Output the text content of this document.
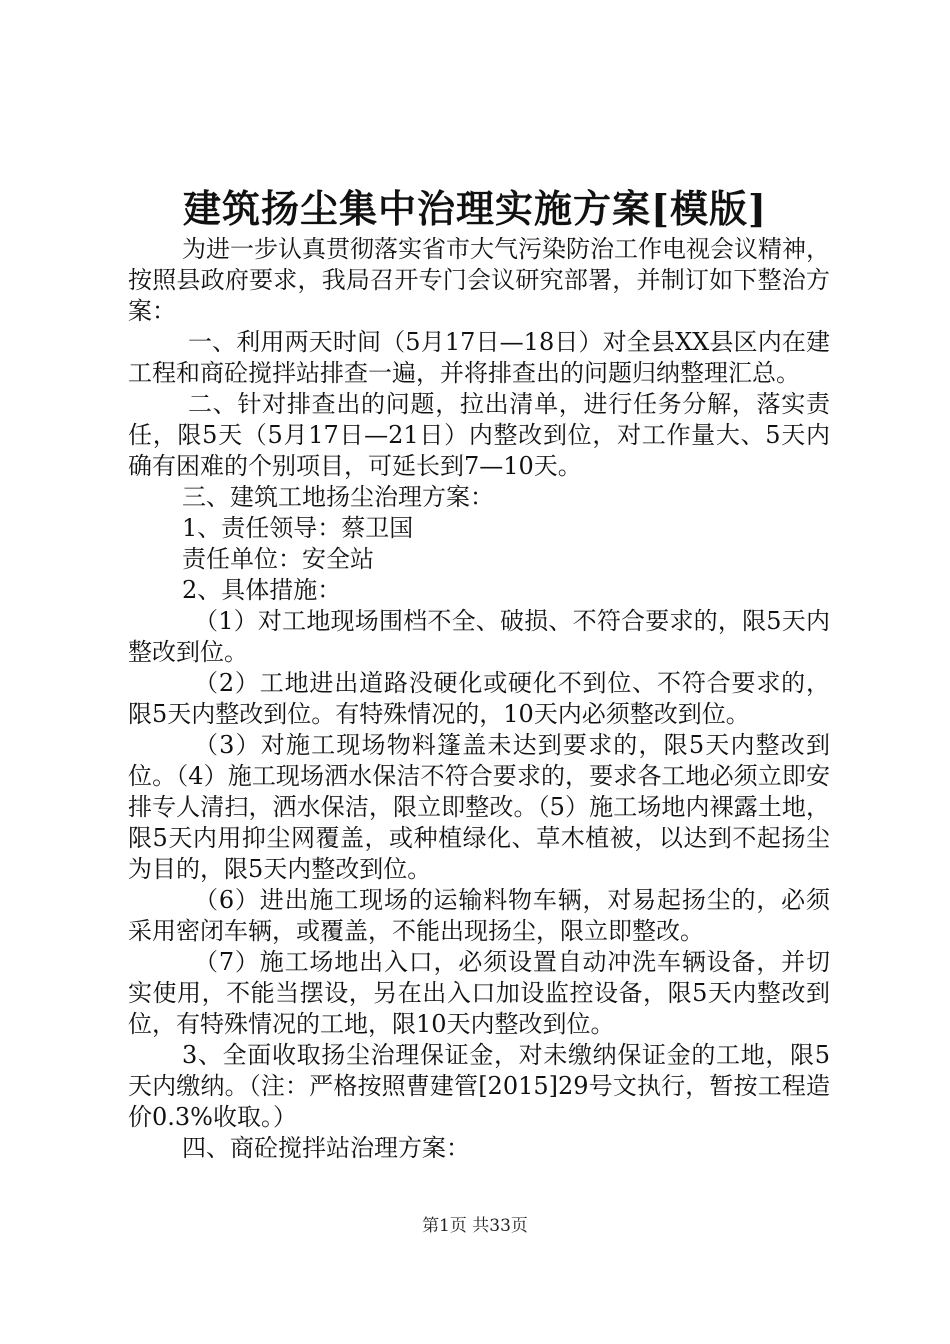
建筑扬尘集中治理实施方案[模版]

为进一步认真贯彻落实省市大气污染防治工作电视会议精神，按照县政府要求，我局召开专门会议研究部署，并制订如下整治方案：

一、利用两天时间（5月17日—18日）对全县XX县区内在建工程和商砼搅拌站排查一遍，并将排查出的问题归纳整理汇总。

二、针对排查出的问题，拉出清单，进行任务分解，落实责任，限5天（5月17日—21日）内整改到位，对工作量大、5天内确有困难的个别项目，可延长到7—10天。

三、建筑工地扬尘治理方案：

1、责任领导：蔡卫国

责任单位：安全站

2、具体措施：

（1）对工地现场围档不全、破损、不符合要求的，限5天内整改到位。

（2）工地进出道路没硬化或硬化不到位、不符合要求的，限5天内整改到位。有特殊情况的，10天内必须整改到位。

（3）对施工现场物料篷盖未达到要求的，限5天内整改到位。（4）施工现场洒水保洁不符合要求的，要求各工地必须立即安排专人清扫，洒水保洁，限立即整改。（5）施工场地内裸露土地，限5天内用抑尘网覆盖，或种植绿化、草木植被，以达到不起扬尘为目的，限5天内整改到位。

（6）进出施工现场的运输料物车辆，对易起扬尘的，必须采用密闭车辆，或覆盖，不能出现扬尘，限立即整改。

（7）施工场地出入口，必须设置自动冲洗车辆设备，并切实使用，不能当摆设，另在出入口加设监控设备，限5天内整改到位，有特殊情况的工地，限10天内整改到位。

3、全面收取扬尘治理保证金，对未缴纳保证金的工地，限5天内缴纳。（注：严格按照曹建管[2015]29号文执行，暂按工程造价0.3%收取。）

四、商砼搅拌站治理方案：

第1页 共33页
